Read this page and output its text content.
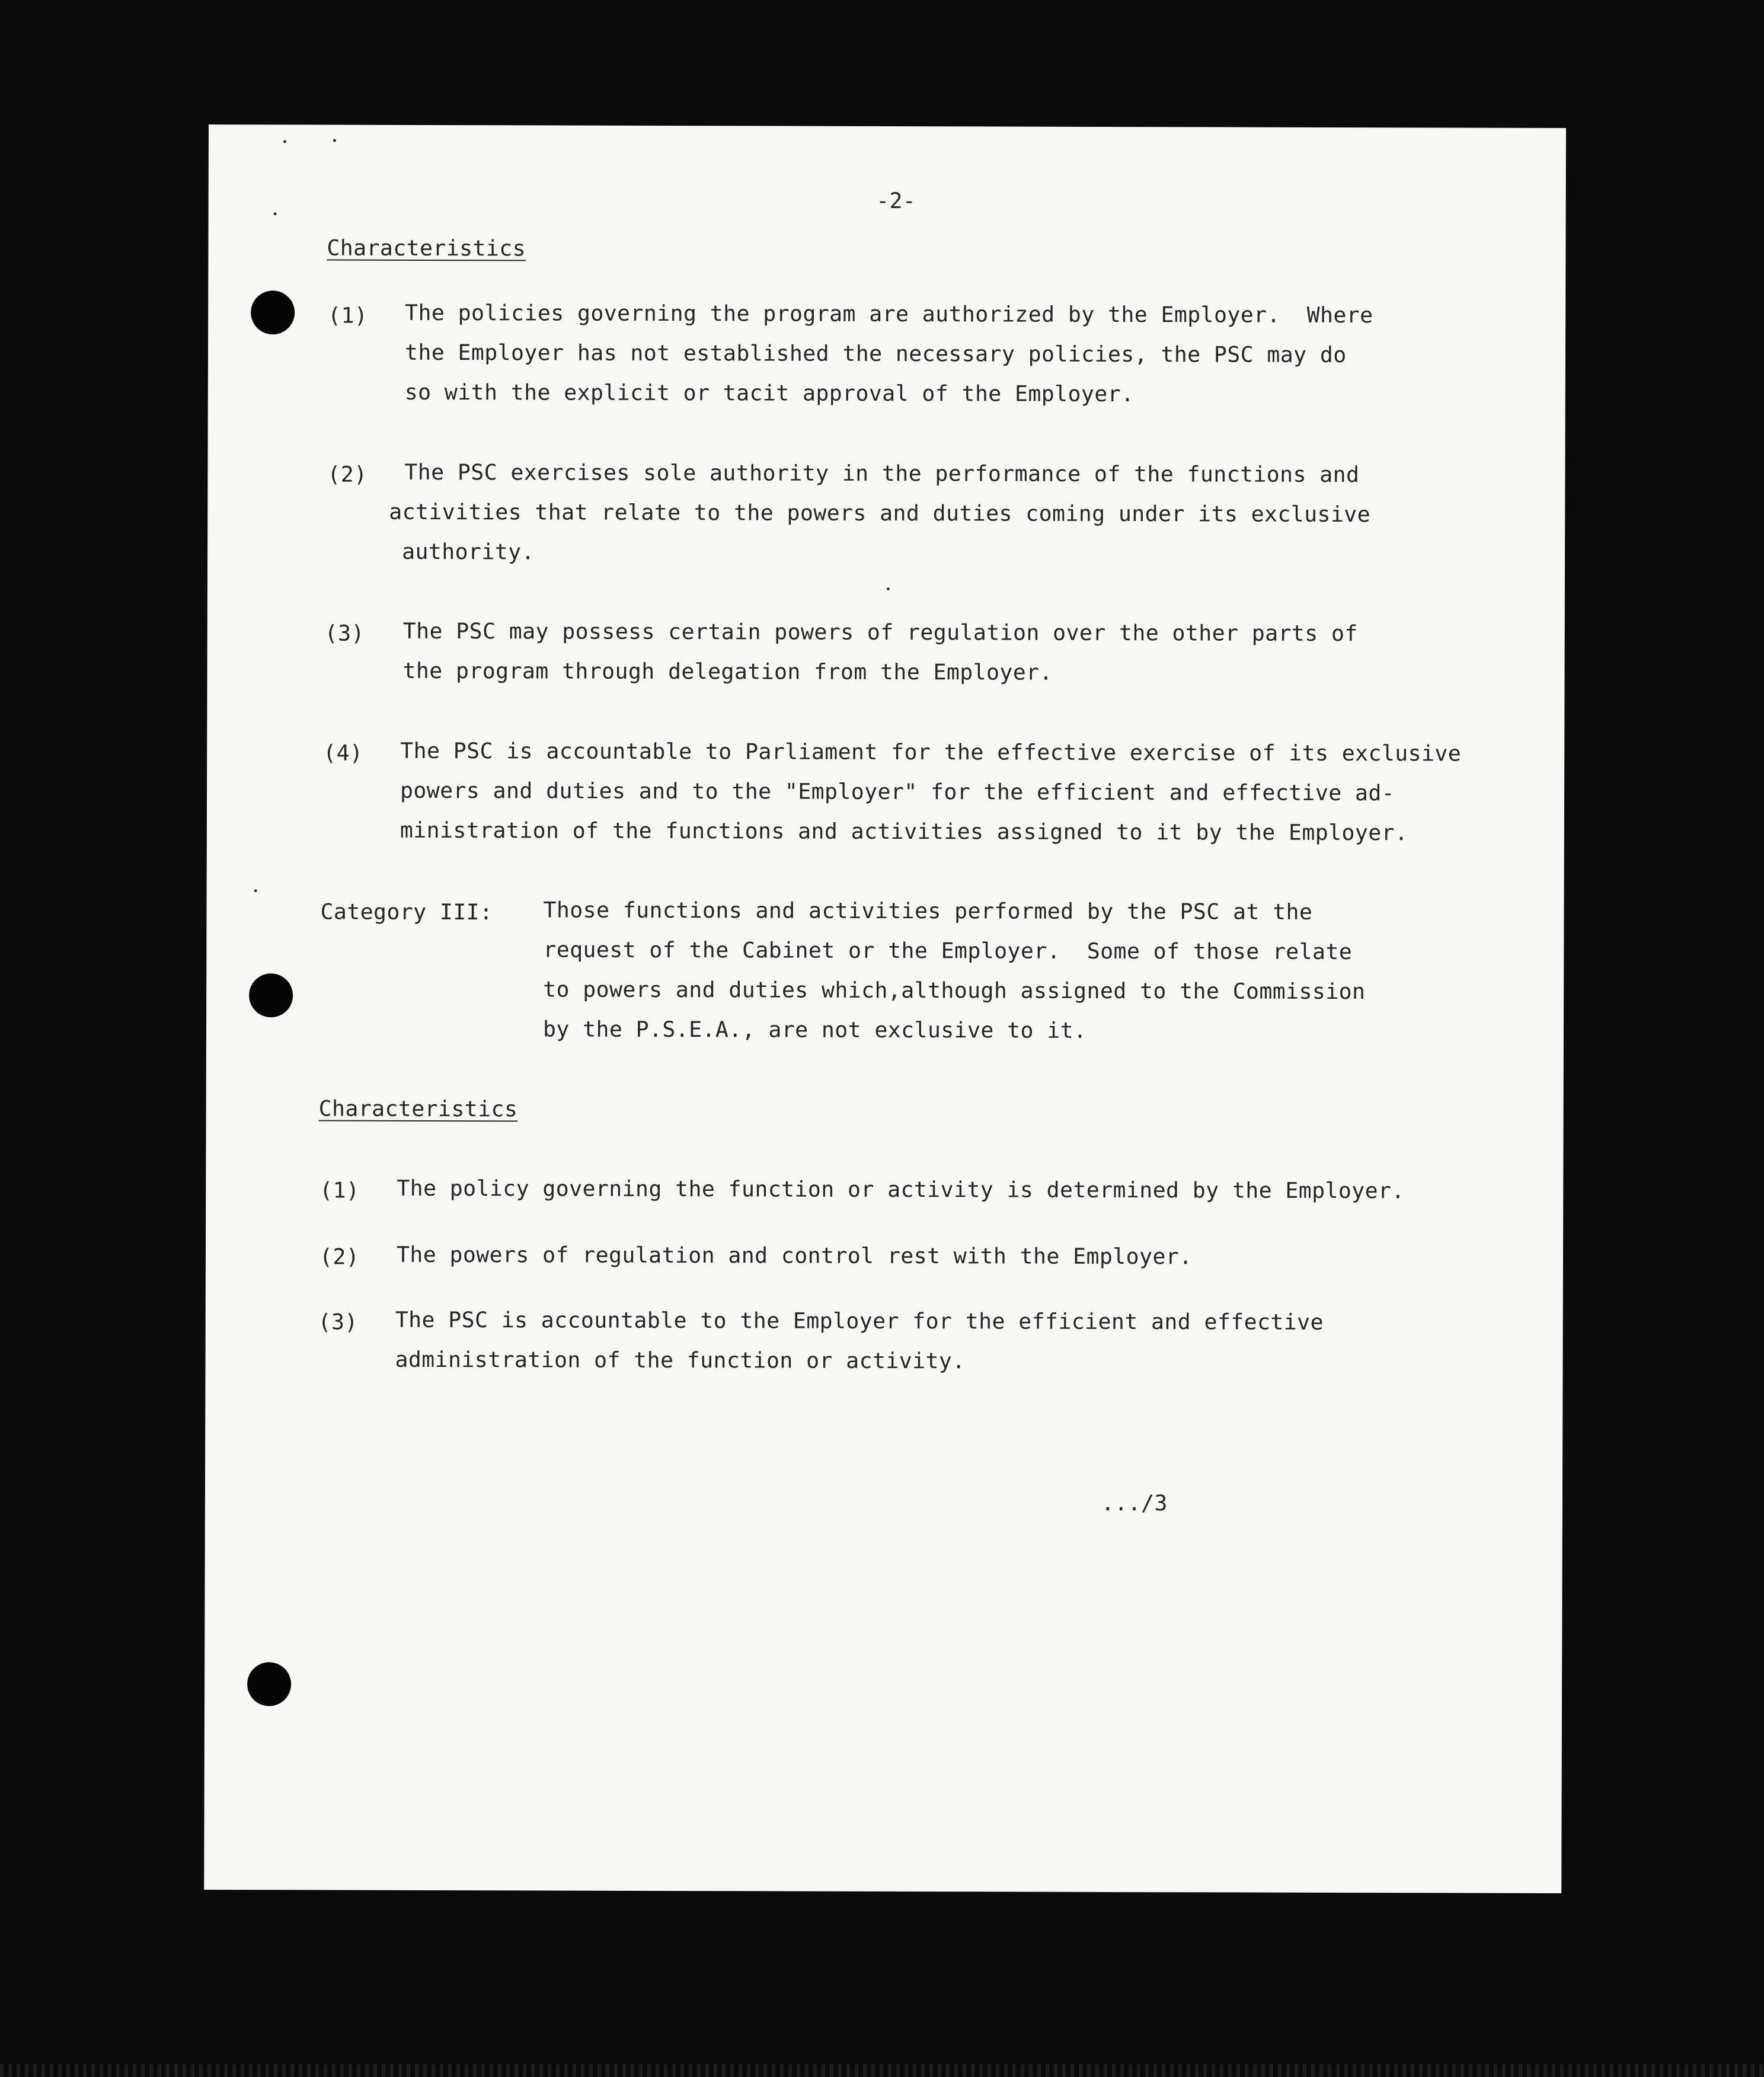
-2-
Characteristics
(1) The policies governing the program are authorized by the Employer.  Where
the Employer has not established the necessary policies, the PSC may do
so with the explicit or tacit approval of the Employer.
(2)	The PSC exercises sole authority in the performance of the functions and
activities that relate to the powers and duties coming under its exclusive
authority.
(3) The PSC may possess certain powers of regulation over the other parts of
the program through delegation from the Employer.
(4) The PSC is accountable to Parliament for the effective exercise of its exclusive
powers and duties and to the "Employer" for the efficient and effective ad-
ministration of the functions and activities assigned to it by the Employer.
Category III: Those functions and activities performed by the PSC at the
request of the Cabinet or the Employer.  Some of those relate
to powers and duties which,although assigned to the Commission
by the P.S.E.A., are not exclusive to it.
Characteristics
(1) The policy governing the function or activity is determined by the Employer.
(2) The powers of regulation and control rest with the Employer.
(3) The PSC is accountable to the Employer for the efficient and effective
administration of the function or activity.
.../3
